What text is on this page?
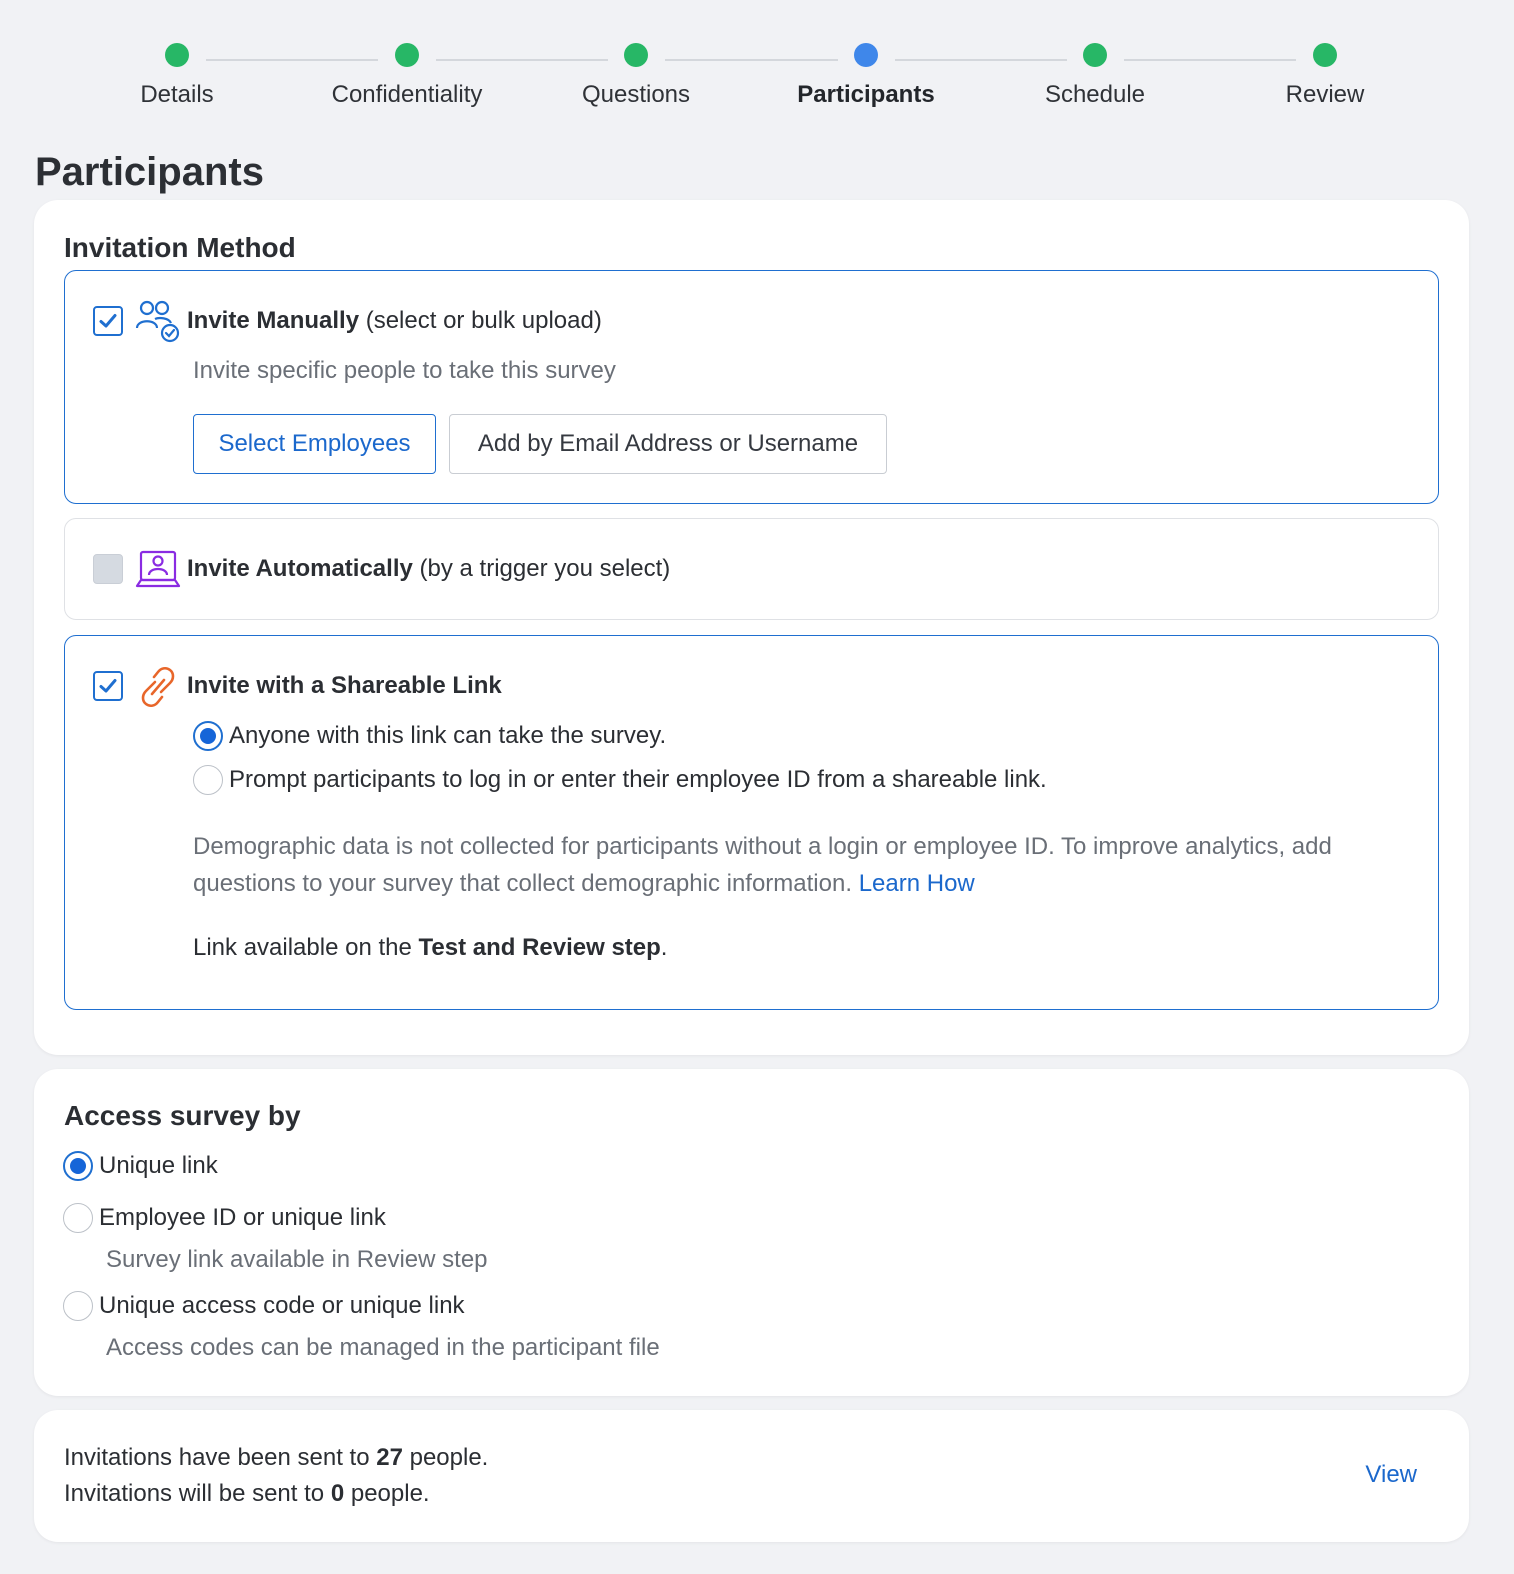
Details	Confidentiality	Questions	Participants	Schedule	Review
Participants
Invitation Method
Invite Manually (select or bulk upload)
Invite specific people to take this survey
Select Employees	Add by Email Address or Username
Invite Automatically (by a trigger you select)
Invite with a Shareable Link
Anyone with this link can take the survey.
Prompt participants to log in or enter their employee ID from a shareable link.
Demographic data is not collected for participants without a login or employee ID. To improve analytics, add questions to your survey that collect demographic information. Learn How
Link available on the Test and Review step.
Access survey by
Unique link
Employee ID or unique link
Survey link available in Review step
Unique access code or unique link
Access codes can be managed in the participant file
Invitations have been sent to 27 people.
Invitations will be sent to 0 people.
View
